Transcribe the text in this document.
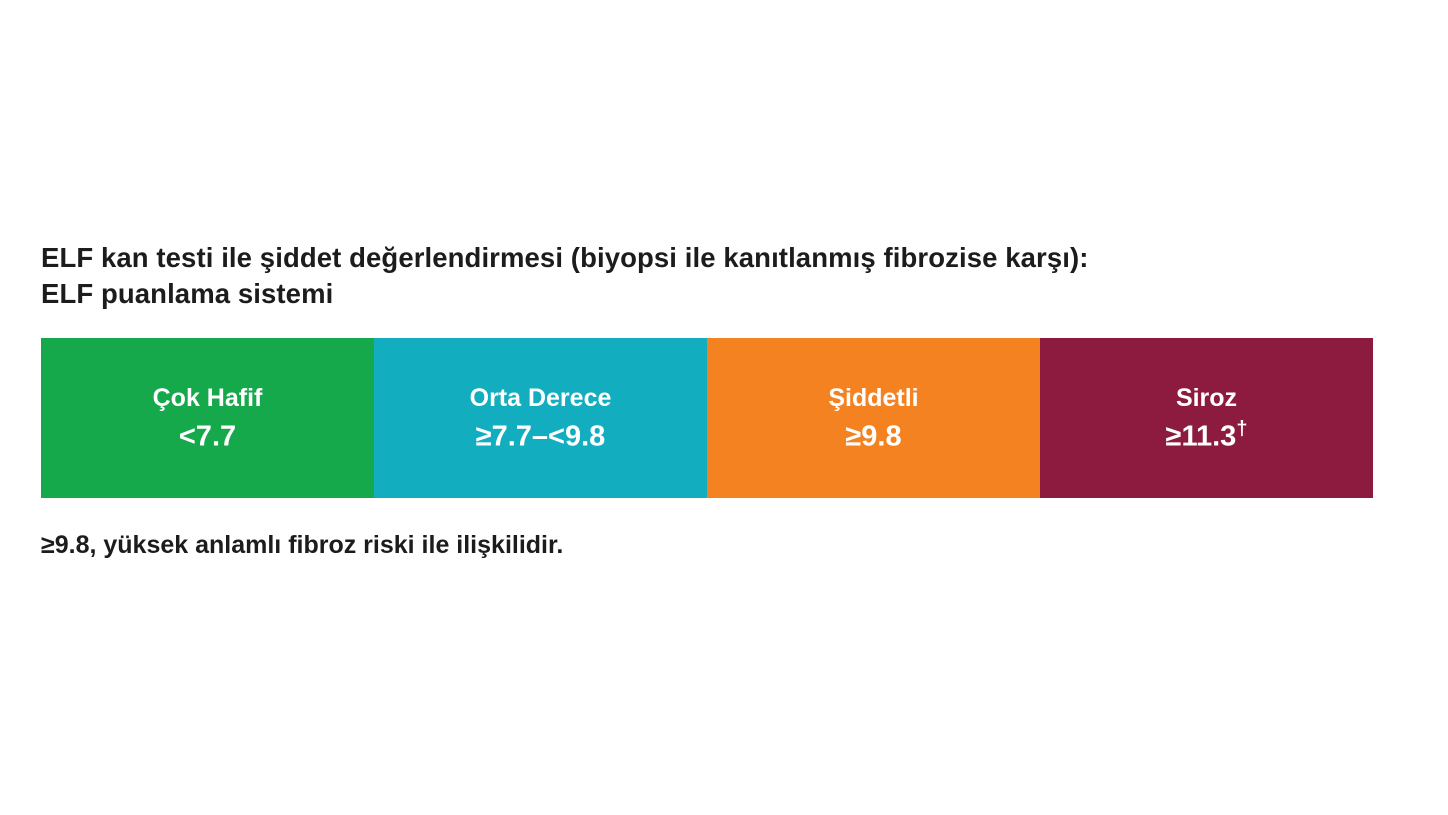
ELF kan testi ile şiddet değerlendirmesi (biyopsi ile kanıtlanmış fibrozise karşı):
ELF puanlama sistemi
Çok Hafif
<7.7
Orta Derece
≥7.7–<9.8
Şiddetli
≥9.8
Siroz
≥11.3†
≥9.8, yüksek anlamlı fibroz riski ile ilişkilidir.
